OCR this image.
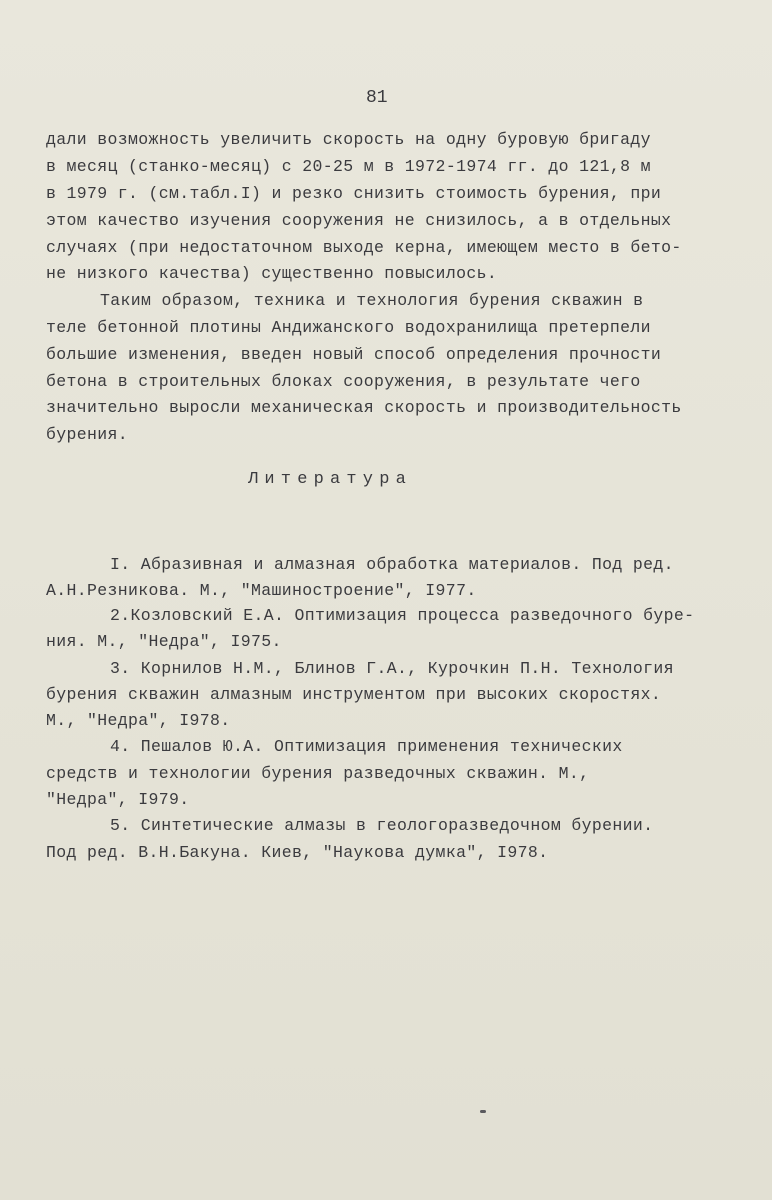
81
дали возможность увеличить скорость на одну буровую бригаду
в месяц (станко-месяц) с 20-25 м в 1972-1974 гг. до 121,8 м
в 1979 г. (см.табл.I) и резко снизить стоимость бурения, при
этом качество изучения сооружения не снизилось, а в отдельных
случаях (при недостаточном выходе керна, имеющем место в бето-
не низкого качества) существенно повысилось.
Таким образом, техника и технология бурения скважин в
теле бетонной плотины Андижанского водохранилища претерпели
большие изменения, введен новый способ определения прочности
бетона в строительных блоках сооружения, в результате чего
значительно выросли механическая скорость и производительность
бурения.
Литература
I. Абразивная и алмазная обработка материалов. Под ред.
А.Н.Резникова. М., "Машиностроение", I977.
2.Козловский Е.А. Оптимизация процесса разведочного буре-
ния. М., "Недра", I975.
3. Корнилов Н.М., Блинов Г.А., Курочкин П.Н. Технология
бурения скважин алмазным инструментом при высоких скоростях.
М., "Недра", I978.
4. Пешалов Ю.А. Оптимизация применения технических
средств и технологии бурения разведочных скважин. М.,
"Недра", I979.
5. Синтетические алмазы в геологоразведочном бурении.
Под ред. В.Н.Бакуна. Киев, "Наукова думка", I978.
